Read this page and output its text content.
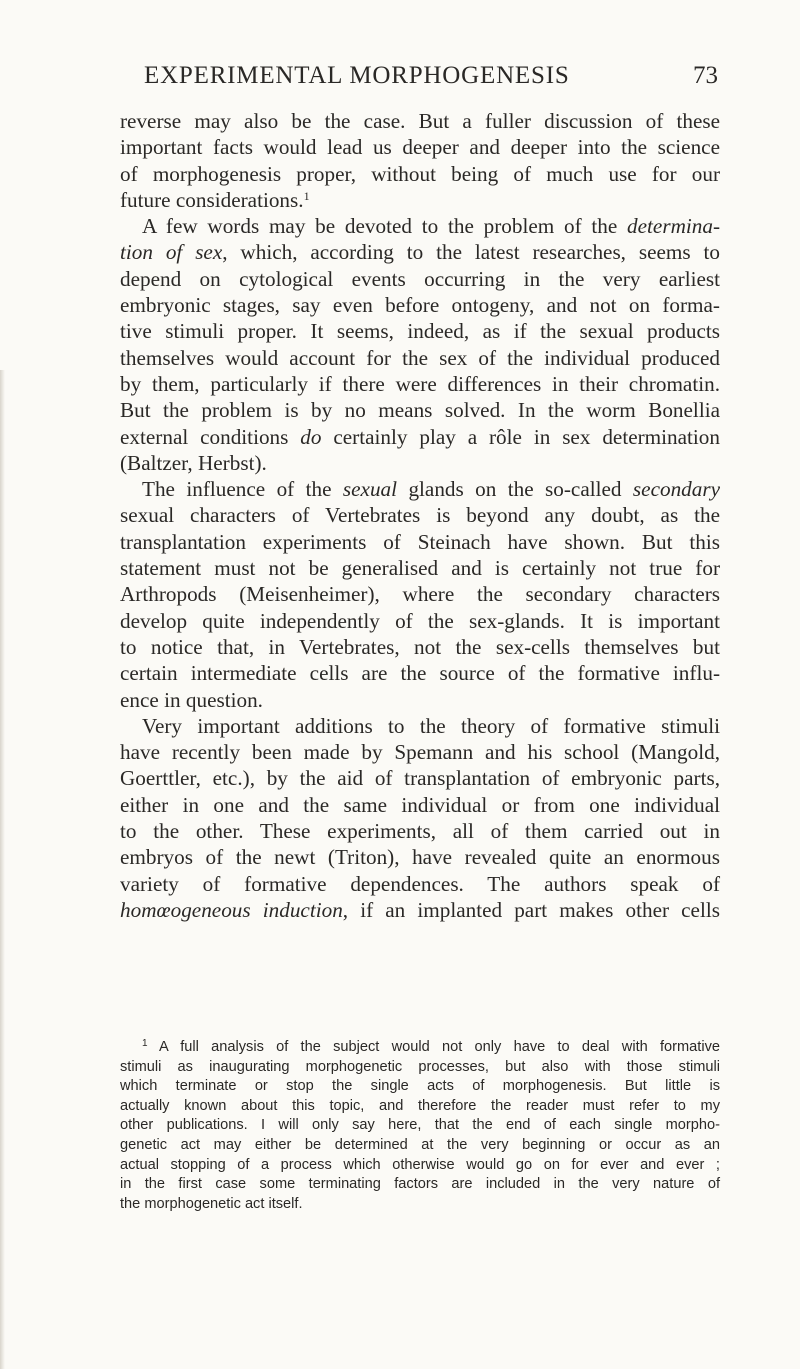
EXPERIMENTAL MORPHOGENESIS	73
reverse may also be the case. But a fuller discussion of these
important facts would lead us deeper and deeper into the science
of morphogenesis proper, without being of much use for our
future considerations.$^1$
A few words may be devoted to the problem of the determina-
tion of sex, which, according to the latest researches, seems to
depend on cytological events occurring in the very earliest
embryonic stages, say even before ontogeny, and not on forma-
tive stimuli proper. It seems, indeed, as if the sexual products
themselves would account for the sex of the individual produced
by them, particularly if there were differences in their chromatin.
But the problem is by no means solved. In the worm Bonellia
external conditions do certainly play a rôle in sex determination
(Baltzer, Herbst).
The influence of the sexual glands on the so-called secondary
sexual characters of Vertebrates is beyond any doubt, as the
transplantation experiments of Steinach have shown. But this
statement must not be generalised and is certainly not true for
Arthropods (Meisenheimer), where the secondary characters
develop quite independently of the sex-glands. It is important
to notice that, in Vertebrates, not the sex-cells themselves but
certain intermediate cells are the source of the formative influ-
ence in question.
Very important additions to the theory of formative stimuli
have recently been made by Spemann and his school (Mangold,
Goerttler, etc.), by the aid of transplantation of embryonic parts,
either in one and the same individual or from one individual
to the other. These experiments, all of them carried out in
embryos of the newt (Triton), have revealed quite an enormous
variety of formative dependences. The authors speak of
homœogeneous induction, if an implanted part makes other cells
$^1$ A full analysis of the subject would not only have to deal with formative
stimuli as inaugurating morphogenetic processes, but also with those stimuli
which terminate or stop the single acts of morphogenesis. But little is
actually known about this topic, and therefore the reader must refer to my
other publications. I will only say here, that the end of each single morpho-
genetic act may either be determined at the very beginning or occur as an
actual stopping of a process which otherwise would go on for ever and ever ;
in the first case some terminating factors are included in the very nature of
the morphogenetic act itself.
